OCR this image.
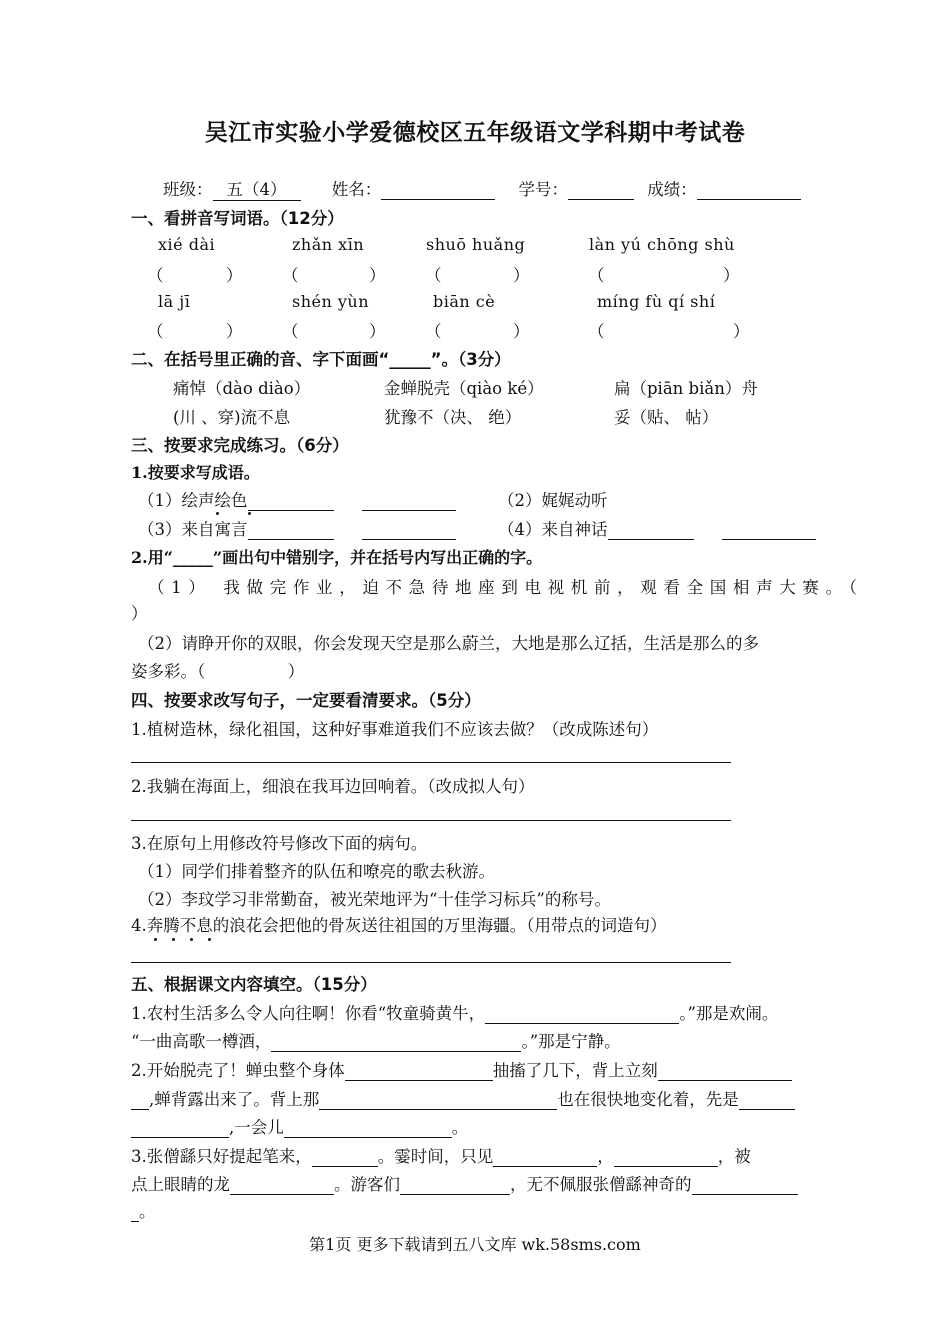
吴江市实验小学爱德校区五年级语文学科期中考试卷
班级： 五（4）	姓名：	学号：	成绩：
一、看拼音写词语。（12分）
xié dài	zhǎn xīn	shuō huǎng	làn yú chōng shù
（	） （	） （	）	（	）
lā jī	shén yùn	biān cè	míng fù qí shí
（	） （	） （	）	（	）
二、在括号里正确的音、字下面画“_____”。（3分）
痛悼（dào diào）	金蝉脱壳（qiào ké）	扁（piān biǎn）舟
(川 、穿)流不息	犹豫不（决、 绝）	妥（贴、 帖）
三、按要求完成练习。（6分）
1.按要求写成语。
（1）绘声绘色	（2）娓娓动听
（3）来自寓言	（4）来自神话
2.用“_____”画出句中错别字，并在括号内写出正确的字。
（1） 我做完作业，迫不急待地座到电视机前，观看全国相声大赛。（
）
（2）请睁开你的双眼，你会发现天空是那么蔚兰，大地是那么辽括，生活是那么的多
姿多彩。（　　　　　）
四、按要求改写句子，一定要看清要求。（5分）
1.植树造林，绿化祖国，这种好事难道我们不应该去做？（改成陈述句）
2.我躺在海面上，细浪在我耳边回响着。（改成拟人句）
3.在原句上用修改符号修改下面的病句。
（1）同学们排着整齐的队伍和嘹亮的歌去秋游。
（2）李玟学习非常勤奋，被光荣地评为“十佳学习标兵”的称号。
4.奔腾不息的浪花会把他的骨灰送往祖国的万里海疆。（用带点的词造句）
五、根据课文内容填空。（15分）
1.农村生活多么令人向往啊！你看“牧童骑黄牛，	。”那是欢闹。
“一曲高歌一樽酒，	。”那是宁静。
2.开始脱壳了！蝉虫整个身体	抽搐了几下，背上立刻
,蝉背露出来了。背上那	也在很快地变化着，先是
,一会儿	。
3.张僧繇只好提起笔来，	。霎时间，只见	，	，被
点上眼睛的龙	。游客们	，无不佩服张僧繇神奇的
。
第1页 更多下载请到五八文库 wk.58sms.com
